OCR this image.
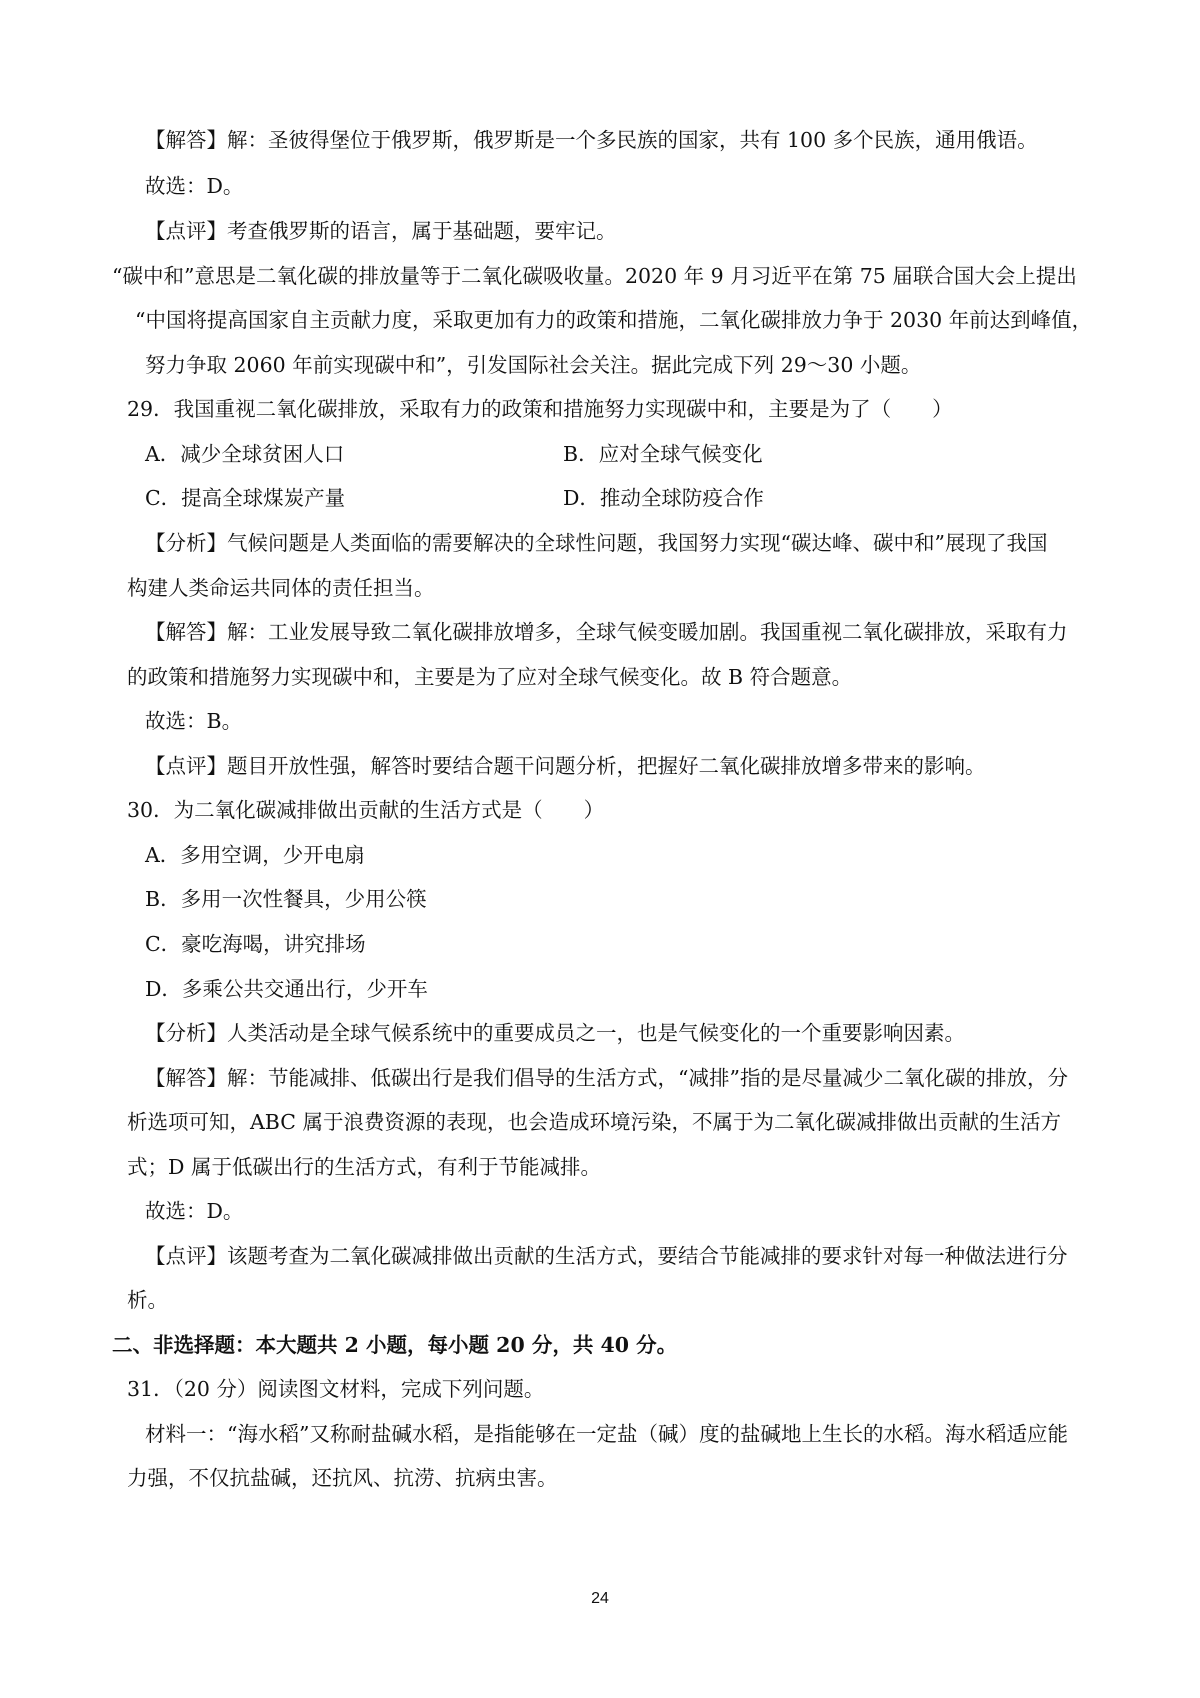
【解答】解：圣彼得堡位于俄罗斯，俄罗斯是一个多民族的国家，共有 100 多个民族，通用俄语。
故选：D。
【点评】考查俄罗斯的语言，属于基础题，要牢记。
“碳中和”意思是二氧化碳的排放量等于二氧化碳吸收量。2020 年 9 月习近平在第 75 届联合国大会上提出
“中国将提高国家自主贡献力度，采取更加有力的政策和措施，二氧化碳排放力争于 2030 年前达到峰值，
努力争取 2060 年前实现碳中和”，引发国际社会关注。据此完成下列 29～30 小题。
29．我国重视二氧化碳排放，采取有力的政策和措施努力实现碳中和，主要是为了（　　）
A．减少全球贫困人口	B．应对全球气候变化
C．提高全球煤炭产量	D．推动全球防疫合作
【分析】气候问题是人类面临的需要解决的全球性问题，我国努力实现“碳达峰、碳中和”展现了我国
构建人类命运共同体的责任担当。
【解答】解：工业发展导致二氧化碳排放增多，全球气候变暖加剧。我国重视二氧化碳排放，采取有力
的政策和措施努力实现碳中和，主要是为了应对全球气候变化。故 B 符合题意。
故选：B。
【点评】题目开放性强，解答时要结合题干问题分析，把握好二氧化碳排放增多带来的影响。
30．为二氧化碳减排做出贡献的生活方式是（　　）
A．多用空调，少开电扇
B．多用一次性餐具，少用公筷
C．豪吃海喝，讲究排场
D．多乘公共交通出行，少开车
【分析】人类活动是全球气候系统中的重要成员之一，也是气候变化的一个重要影响因素。
【解答】解：节能减排、低碳出行是我们倡导的生活方式，“减排”指的是尽量减少二氧化碳的排放，分
析选项可知，ABC 属于浪费资源的表现，也会造成环境污染，不属于为二氧化碳减排做出贡献的生活方
式；D 属于低碳出行的生活方式，有利于节能减排。
故选：D。
【点评】该题考查为二氧化碳减排做出贡献的生活方式，要结合节能减排的要求针对每一种做法进行分
析。
二、非选择题：本大题共 2 小题，每小题 20 分，共 40 分。
31．（20 分）阅读图文材料，完成下列问题。
材料一：“海水稻”又称耐盐碱水稻，是指能够在一定盐（碱）度的盐碱地上生长的水稻。海水稻适应能
力强，不仅抗盐碱，还抗风、抗涝、抗病虫害。
24
